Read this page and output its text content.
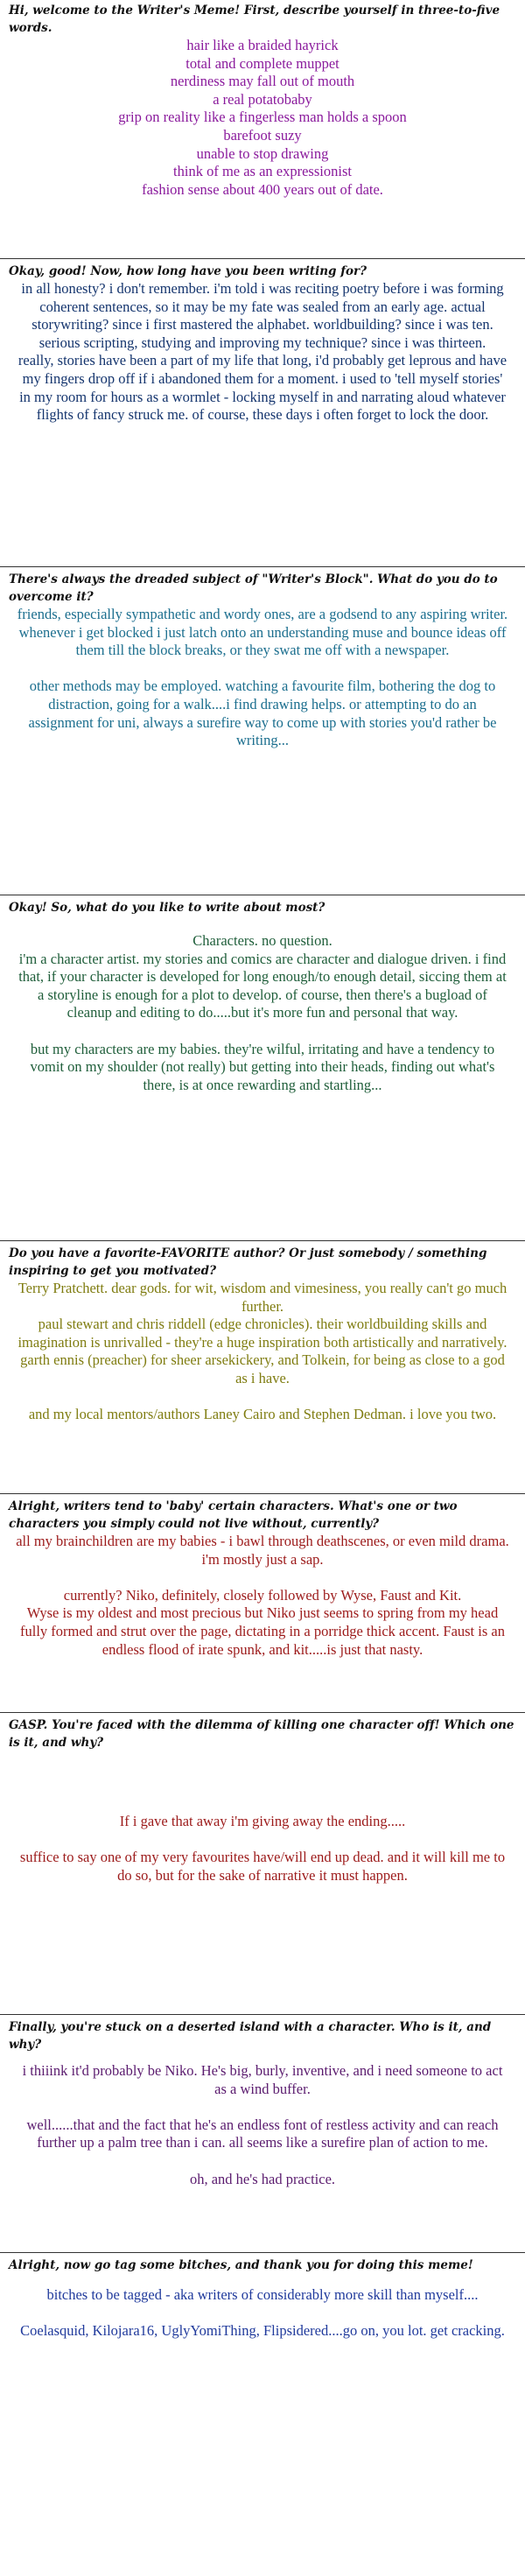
Hi, welcome to the Writer's Meme! First, describe yourself in three-to-five words.

hair like a braided hayrick
total and complete muppet
nerdiness may fall out of mouth
a real potatobaby
grip on reality like a fingerless man holds a spoon
barefoot suzy
unable to stop drawing
think of me as an expressionist
fashion sense about 400 years out of date.

Okay, good! Now, how long have you been writing for?

in all honesty? i don't remember. i'm told i was reciting poetry before i was forming coherent sentences, so it may be my fate was sealed from an early age. actual storywriting? since i first mastered the alphabet. worldbuilding? since i was ten. serious scripting, studying and improving my technique? since i was thirteen.
really, stories have been a part of my life that long, i'd probably get leprous and have my fingers drop off if i abandoned them for a moment. i used to 'tell myself stories' in my room for hours as a wormlet - locking myself in and narrating aloud whatever flights of fancy struck me. of course, these days i often forget to lock the door.

There's always the dreaded subject of "Writer's Block". What do you do to overcome it?

friends, especially sympathetic and wordy ones, are a godsend to any aspiring writer. whenever i get blocked i just latch onto an understanding muse and bounce ideas off them till the block breaks, or they swat me off with a newspaper.

other methods may be employed. watching a favourite film, bothering the dog to distraction, going for a walk....i find drawing helps. or attempting to do an assignment for uni, always a surefire way to come up with stories you'd rather be writing...

Okay! So, what do you like to write about most?

Characters. no question.
i'm a character artist. my stories and comics are character and dialogue driven. i find that, if your character is developed for long enough/to enough detail, siccing them at a storyline is enough for a plot to develop. of course, then there's a bugload of cleanup and editing to do.....but it's more fun and personal that way.

but my characters are my babies. they're wilful, irritating and have a tendency to vomit on my shoulder (not really) but getting into their heads, finding out what's there, is at once rewarding and startling...

Do you have a favorite-FAVORITE author? Or just somebody / something inspiring to get you motivated?

Terry Pratchett. dear gods. for wit, wisdom and vimesiness, you really can't go much further.
paul stewart and chris riddell (edge chronicles). their worldbuilding skills and imagination is unrivalled - they're a huge inspiration both artistically and narratively.
garth ennis (preacher) for sheer arsekickery, and Tolkein, for being as close to a god as i have.

and my local mentors/authors Laney Cairo and Stephen Dedman. i love you two.

Alright, writers tend to 'baby' certain characters. What's one or two characters you simply could not live without, currently?

all my brainchildren are my babies - i bawl through deathscenes, or even mild drama. i'm mostly just a sap.

currently? Niko, definitely, closely followed by Wyse, Faust and Kit.
Wyse is my oldest and most precious but Niko just seems to spring from my head fully formed and strut over the page, dictating in a porridge thick accent. Faust is an endless flood of irate spunk, and kit.....is just that nasty.

GASP. You're faced with the dilemma of killing one character off! Which one is it, and why?

If i gave that away i'm giving away the ending.....

suffice to say one of my very favourites have/will end up dead. and it will kill me to do so, but for the sake of narrative it must happen.

Finally, you're stuck on a deserted island with a character. Who is it, and why?

i thiiink it'd probably be Niko. He's big, burly, inventive, and i need someone to act as a wind buffer.

well......that and the fact that he's an endless font of restless activity and can reach further up a palm tree than i can. all seems like a surefire plan of action to me.

oh, and he's had practice.

Alright, now go tag some bitches, and thank you for doing this meme!

bitches to be tagged - aka writers of considerably more skill than myself....

Coelasquid, Kilojara16, UglyYomiThing, Flipsidered....go on, you lot. get cracking.
